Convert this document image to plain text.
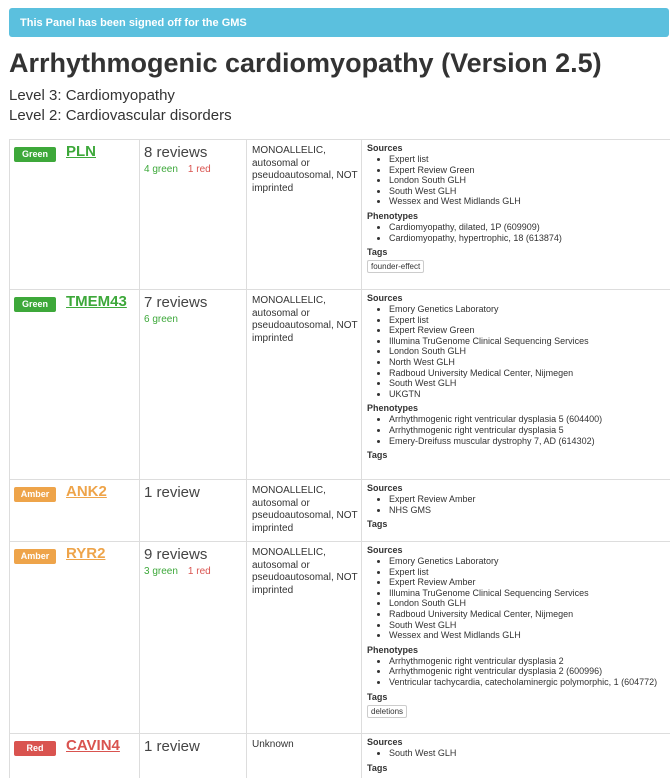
This Panel has been signed off for the GMS
Arrhythmogenic cardiomyopathy (Version 2.5)
Level 3: Cardiomyopathy
Level 2: Cardiovascular disorders
Green	PLN	8 reviews
4 green 1 red
MONOALLELIC, autosomal or pseudoautosomal, NOT imprinted
Sources
• Expert list
• Expert Review Green
• London South GLH
• South West GLH
• Wessex and West Midlands GLH
Phenotypes
• Cardiomyopathy, dilated, 1P (609909)
• Cardiomyopathy, hypertrophic, 18 (613874)
Tags
founder-effect
Green	TMEM43 7 reviews
6 green
MONOALLELIC, autosomal or pseudoautosomal, NOT imprinted
Sources
• Emory Genetics Laboratory
• Expert list
• Expert Review Green
• Illumina TruGenome Clinical Sequencing Services
• London South GLH
• North West GLH
• Radboud University Medical Center, Nijmegen
• South West GLH
• UKGTN
Phenotypes
• Arrhythmogenic right ventricular dysplasia 5 (604400)
• Arrhythmogenic right ventricular dysplasia 5
• Emery-Dreifuss muscular dystrophy 7, AD (614302)
Tags
Amber	ANK2 1 review	MONOALLELIC, autosomal or pseudoautosomal, NOT imprinted
Sources
• Expert Review Amber
• NHS GMS
Tags
Amber	RYR2	9 reviews
3 green 1 red
MONOALLELIC, autosomal or pseudoautosomal, NOT imprinted
Sources
• Emory Genetics Laboratory
• Expert list
• Expert Review Amber
• Illumina TruGenome Clinical Sequencing Services
• London South GLH
• Radboud University Medical Center, Nijmegen
• South West GLH
• Wessex and West Midlands GLH
Phenotypes
• Arrhythmogenic right ventricular dysplasia 2
• Arrhythmogenic right ventricular dysplasia 2 (600996)
• Ventricular tachycardia, catecholaminergic polymorphic, 1 (604772)
Tags
deletions
Red	CAVIN4 1 review	Unknown	Sources
• South West GLH
Tags
